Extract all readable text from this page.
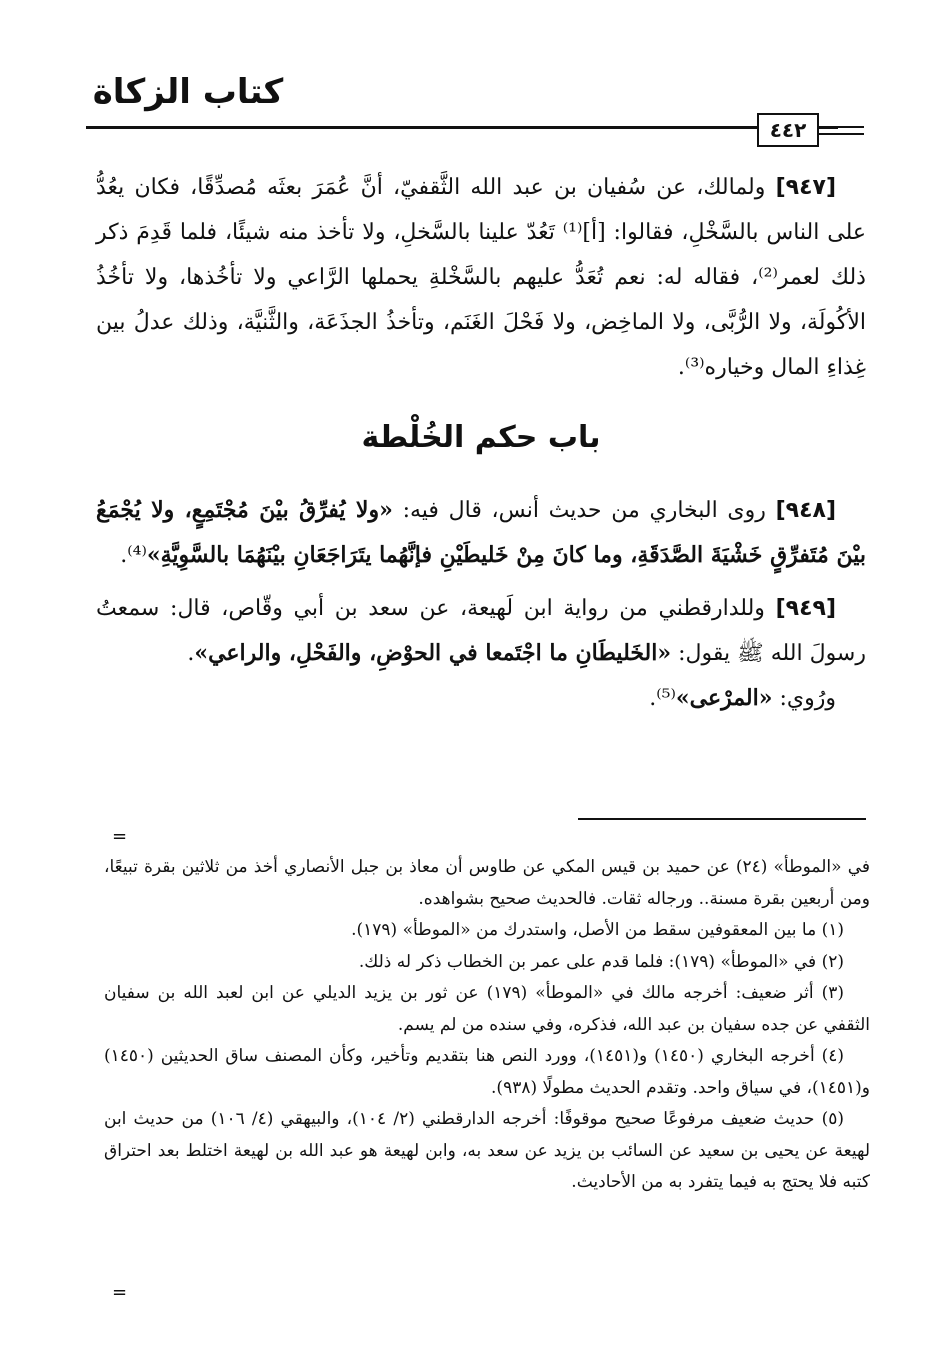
كتاب الزكاة
٤٤٢

[٩٤٧] ولمالك، عن سُفيان بن عبد الله الثَّقفيّ، أنَّ عُمَرَ بعثَه مُصدِّقًا، فكان يعُدُّ على الناس بالسَّخْلِ، فقالوا: [أ]⁽¹⁾ تَعُدّ علينا بالسَّخلِ، ولا تأخذ منه شيئًا، فلما قَدِمَ ذكر ذلك لعمر⁽²⁾، فقاله له: نعم تُعَدُّ عليهم بالسَّخْلةِ يحملها الرَّاعي ولا تأخُذها، ولا تأخُذُ الأكُولَة، ولا الرُّبَّى، ولا الماخِض، ولا فَحْلَ الغَنَم، وتأخذُ الجذَعَة، والثَّنيَّة، وذلك عدلُ بين غِذاءِ المال وخياره⁽³⁾.

باب حكم الخُلْطة

[٩٤٨] روى البخاري من حديث أنس، قال فيه: «ولا يُفرِّقُ بيْنَ مُجْتَمِعٍ، ولا يُجْمَعُ بيْنَ مُتَفرِّقٍ خَشْيَةَ الصَّدَقَةِ، وما كانَ مِنْ خَليطَيْنِ فإنَّهُما يتَرَاجَعَانِ بيْنَهُمَا بالسَّوِيَّةِ»⁽⁴⁾.

[٩٤٩] وللدارقطني من رواية ابن لَهيعة، عن سعد بن أبي وقّاص، قال: سمعتُ رسولَ الله ﷺ يقول: «الخَليطَانِ ما اجْتَمعا في الحوْضِ، والفَحْلِ، والراعي».

ورُوي: «المرْعى»⁽⁵⁾.

=

في «الموطأ» (٢٤) عن حميد بن قيس المكي عن طاوس أن معاذ بن جبل الأنصاري أخذ من ثلاثين بقرة تبيعًا، ومن أربعين بقرة مسنة.. ورجاله ثقات. فالحديث صحيح بشواهده.

(١) ما بين المعقوفين سقط من الأصل، واستدرك من «الموطأ» (١٧٩).

(٢) في «الموطأ» (١٧٩): فلما قدم على عمر بن الخطاب ذكر له ذلك.

(٣) أثر ضعيف: أخرجه مالك في «الموطأ» (١٧٩) عن ثور بن يزيد الديلي عن ابن لعبد الله بن سفيان الثقفي عن جده سفيان بن عبد الله، فذكره، وفي سنده من لم يسم.

(٤) أخرجه البخاري (١٤٥٠) و(١٤٥١)، وورد النص هنا بتقديم وتأخير، وكأن المصنف ساق الحديثين (١٤٥٠) و(١٤٥١)، في سياق واحد. وتقدم الحديث مطولًا (٩٣٨).

(٥) حديث ضعيف مرفوعًا صحيح موقوفًا: أخرجه الدارقطني (٢/ ١٠٤)، والبيهقي (٤/ ١٠٦) من حديث ابن لهيعة عن يحيى بن سعيد عن السائب بن يزيد عن سعد به، وابن لهيعة هو عبد الله بن لهيعة اختلط بعد احتراق كتبه فلا يحتج به فيما يتفرد به من الأحاديث.

=
